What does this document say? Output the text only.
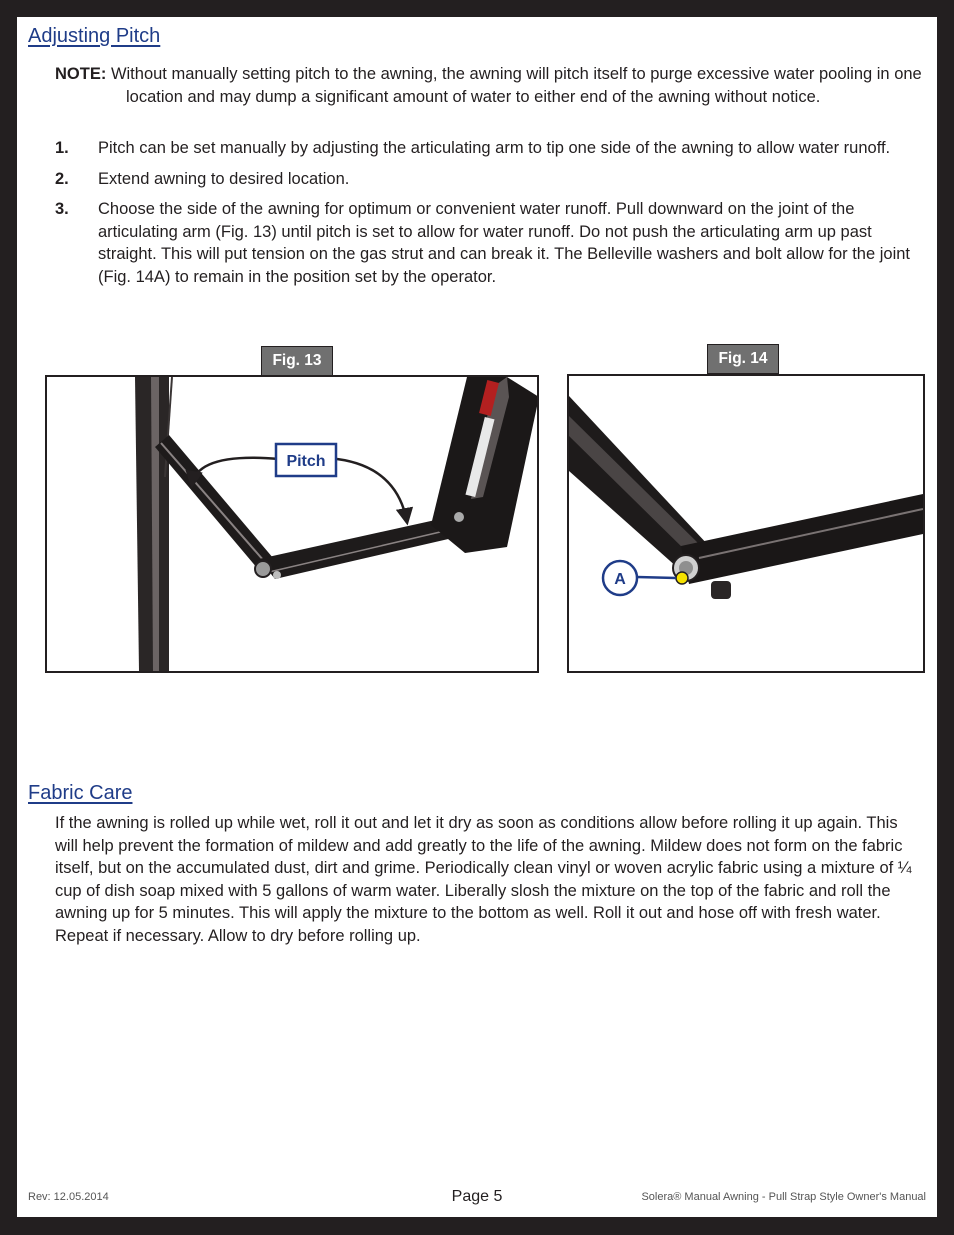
Adjusting Pitch
NOTE: Without manually setting pitch to the awning, the awning will pitch itself to purge excessive water pooling in one location and may dump a significant amount of water to either end of the awning without notice.
1.	Pitch can be set manually by adjusting the articulating arm to tip one side of the awning to allow water runoff.
2.	Extend awning to desired location.
3.	Choose the side of the awning for optimum or convenient water runoff. Pull downward on the joint of the articulating arm (Fig. 13) until pitch is set to allow for water runoff. Do not push the articulating arm up past straight. This will put tension on the gas strut and can break it. The Belleville washers and bolt allow for the joint (Fig. 14A) to remain in the position set by the operator.
Fig. 13
Pitch
Fig. 14
A
Fabric Care
If the awning is rolled up while wet, roll it out and let it dry as soon as conditions allow before rolling it up again. This will help prevent the formation of mildew and add greatly to the life of the awning. Mildew does not form on the fabric itself, but on the accumulated dust, dirt and grime. Periodically clean vinyl or woven acrylic fabric using a mixture of ¼ cup of dish soap mixed with 5 gallons of warm water. Liberally slosh the mixture on the top of the fabric and roll the awning up for 5 minutes. This will apply the mixture to the bottom as well. Roll it out and hose off with fresh water. Repeat if necessary. Allow to dry before rolling up.
Rev: 12.05.2014	Page 5	Solera® Manual Awning - Pull Strap Style Owner's Manual
